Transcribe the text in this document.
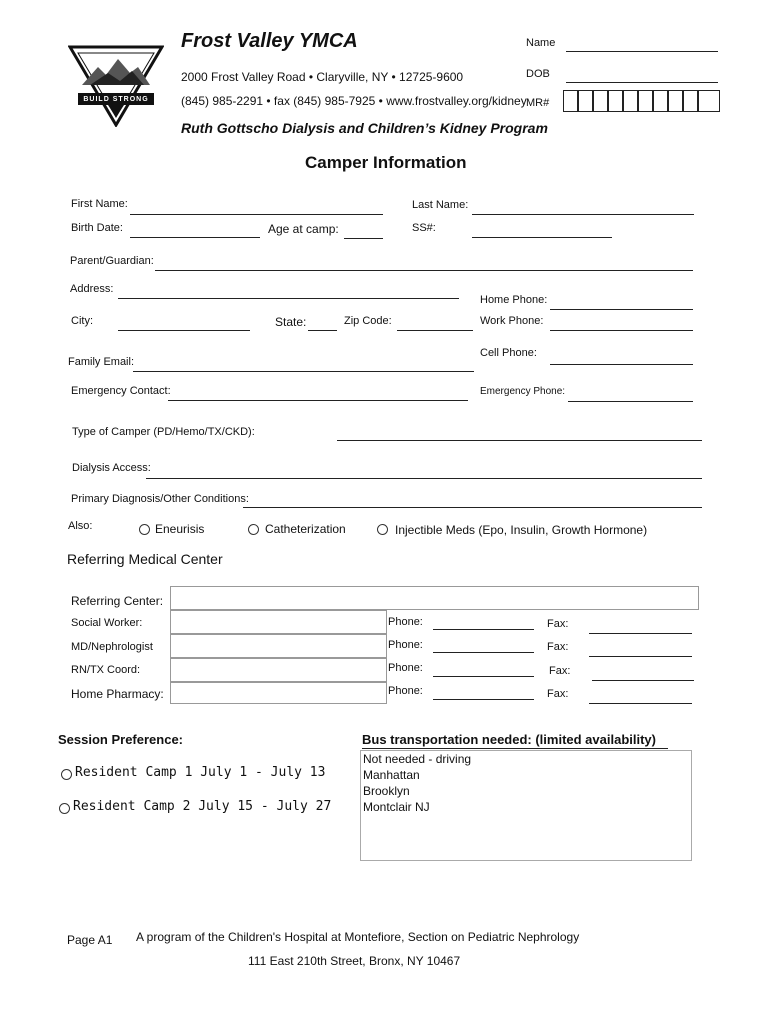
BUILD STRONG
Frost Valley YMCA
2000 Frost Valley Road • Claryville, NY • 12725-9600
(845) 985-2291 • fax (845) 985-7925 • www.frostvalley.org/kidney
Ruth Gottscho Dialysis and Children’s Kidney Program
Name
DOB
MR#
Camper Information
First Name:	Last Name:
Birth Date:	Age at camp:	SS#:
Parent/Guardian:
Address:
Home Phone:
City:	State:	Zip Code:	Work Phone:
Cell Phone:
Family Email:
Emergency Contact:	Emergency Phone:
Type of Camper (PD/Hemo/TX/CKD):
Dialysis Access:
Primary Diagnosis/Other Conditions:
Also:	Eneurisis	Catheterization	Injectible Meds (Epo, Insulin, Growth Hormone)
Referring Medical Center
Referring Center:
Social Worker:	Phone:	Fax:
MD/Nephrologist	Phone:	Fax:
RN/TX Coord:	Phone:	Fax:
Home Pharmacy:	Phone:	Fax:
Session Preference:
Resident Camp 1 July 1 - July 13
Resident Camp 2 July 15 - July 27
Bus transportation needed: (limited availability)
Not needed - driving
Manhattan
Brooklyn
Montclair NJ
Page A1 A program of the Children's Hospital at Montefiore, Section on Pediatric Nephrology
111 East 210th Street, Bronx, NY 10467
